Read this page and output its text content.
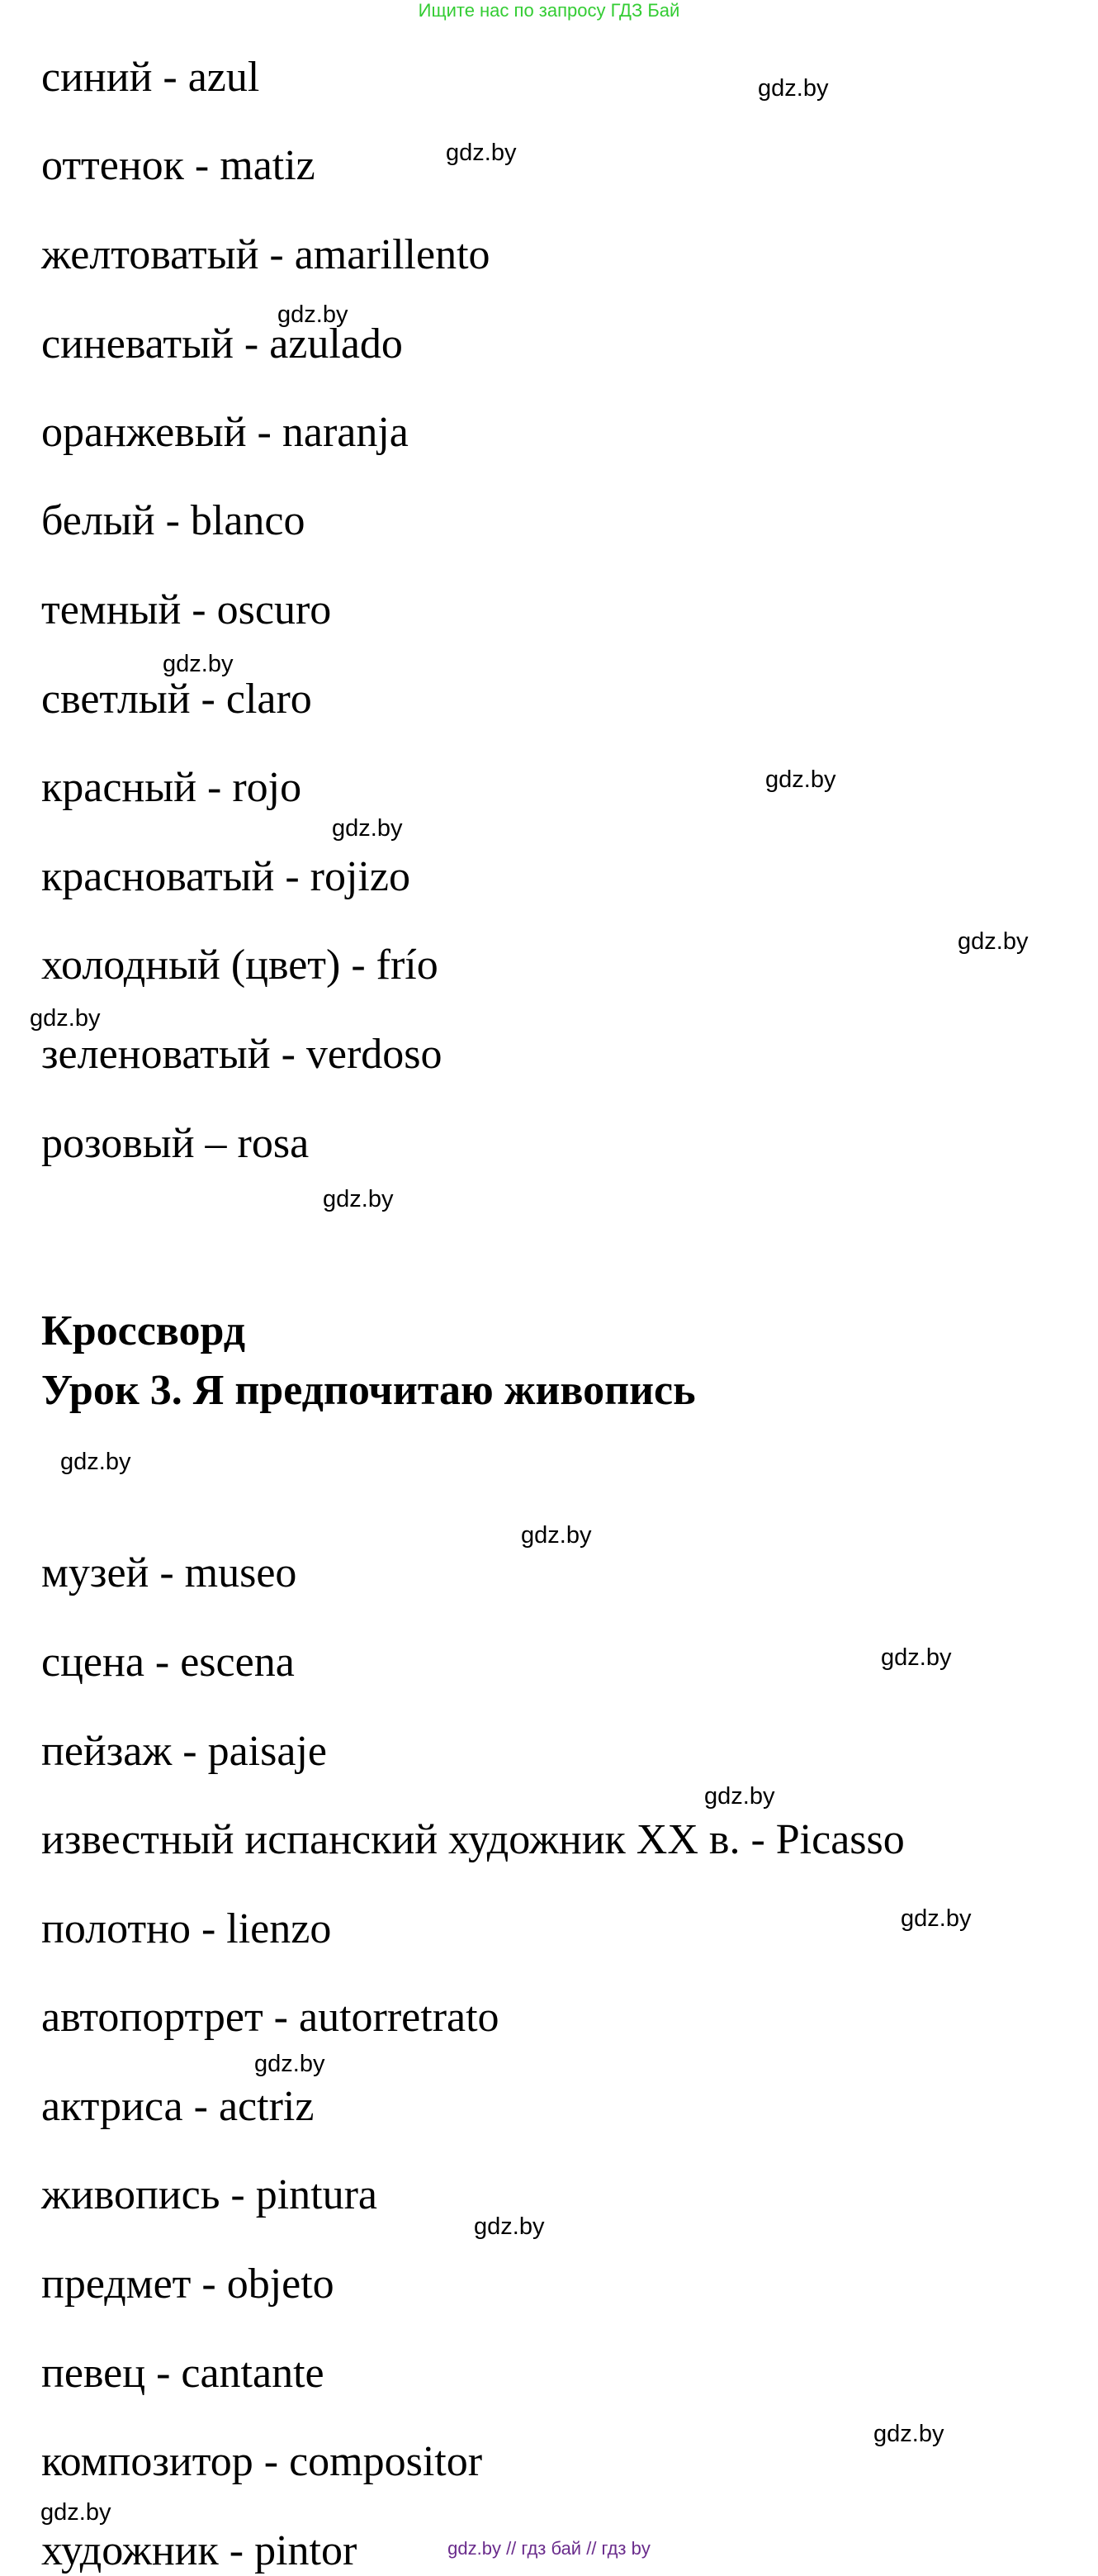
Ищите нас по запросу ГДЗ Бай
синий - azul
оттенок - matiz
желтоватый - amarillento
синеватый - azulado
оранжевый - naranja
белый - blanco
темный - oscuro
светлый - claro
красный - rojo
красноватый - rojizo
холодный (цвет) - frío
зеленоватый - verdoso
розовый – rosa
Кроссворд
Урок 3. Я предпочитаю живопись
музей - museo
сцена - escena
пейзаж - paisaje
известный испанский художник XX в. - Picasso
полотно - lienzo
автопортрет - autorretrato
актриса - actriz
живопись - pintura
предмет - objeto
певец - cantante
композитор - compositor
художник - pintor
gdz.by
gdz.by
gdz.by
gdz.by
gdz.by
gdz.by
gdz.by
gdz.by
gdz.by
gdz.by
gdz.by
gdz.by
gdz.by
gdz.by
gdz.by
gdz.by
gdz.by
gdz.by
gdz.by // гдз бай // гдз by
